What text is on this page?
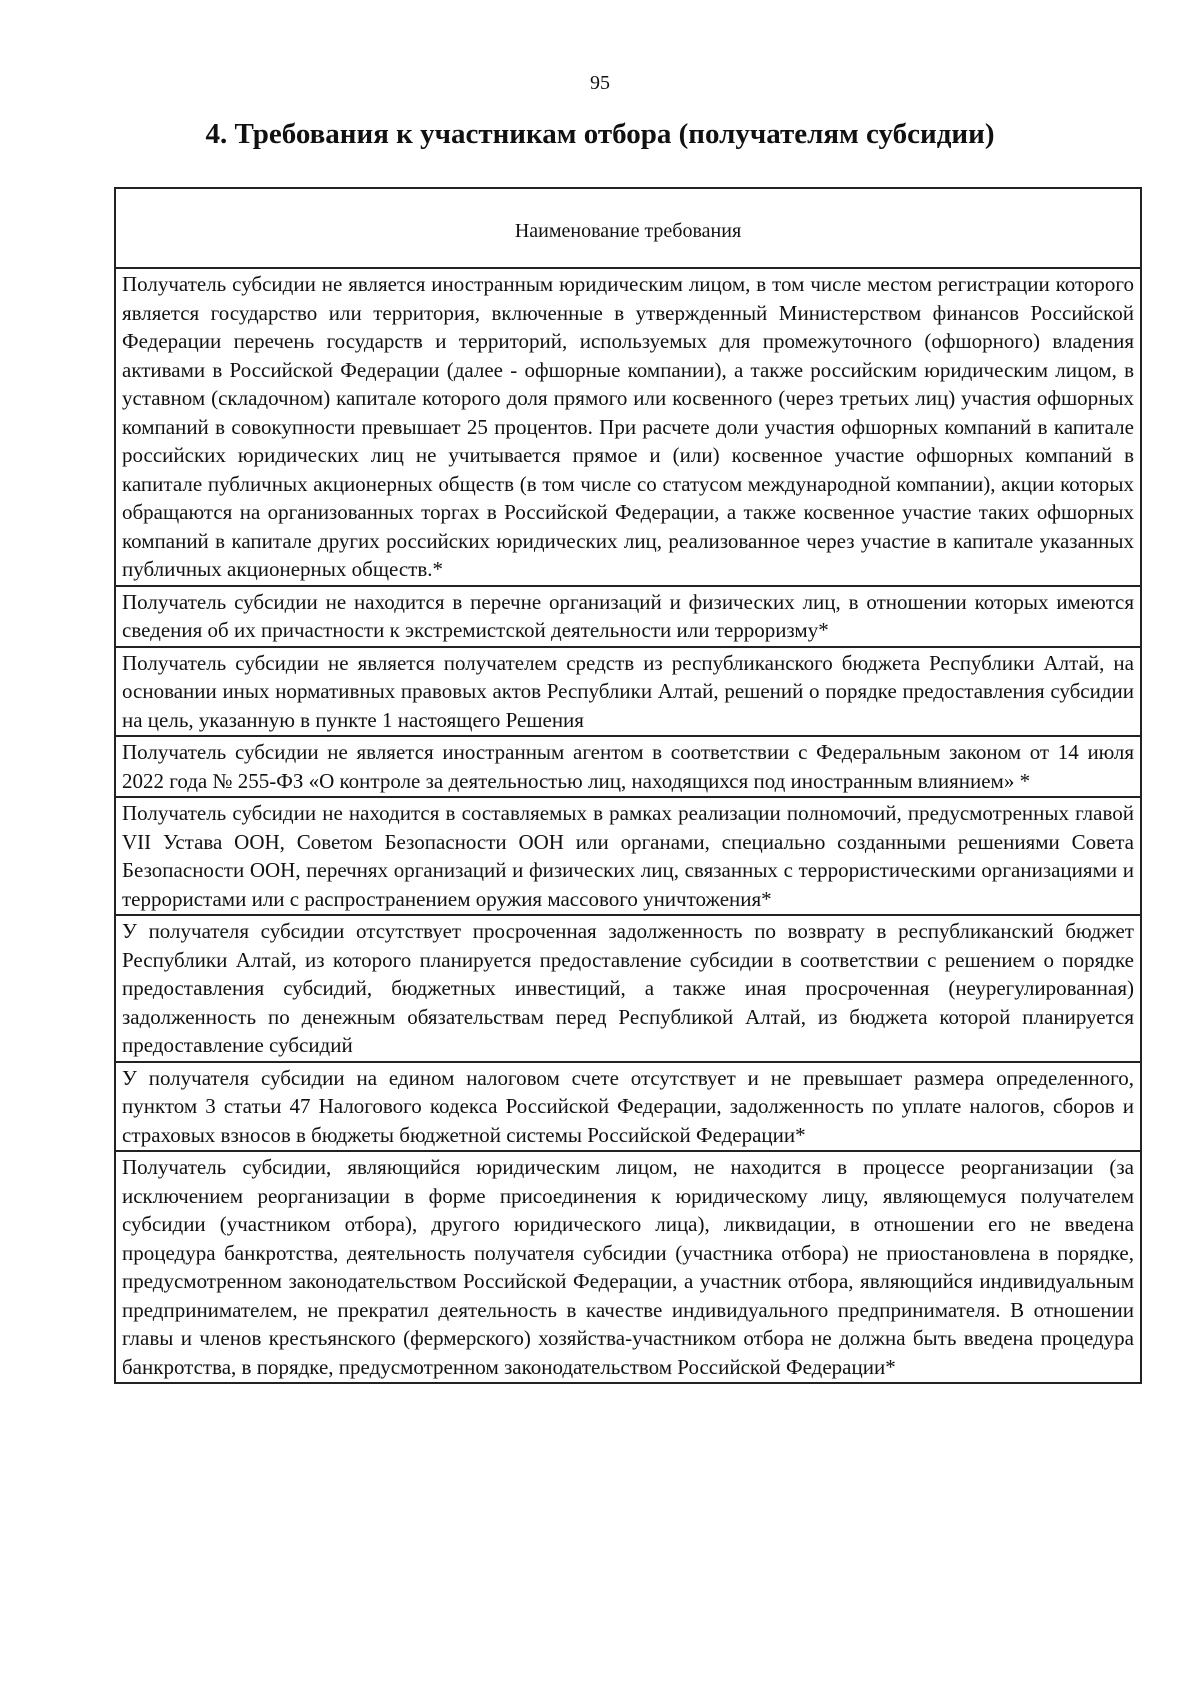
95
4. Требования к участникам отбора (получателям субсидии)
Наименование требования
Получатель субсидии не является иностранным юридическим лицом, в том числе местом регистрации которого является государство или территория, включенные в утвержденный Министерством финансов Российской Федерации перечень государств и территорий, используемых для промежуточного (офшорного) владения активами в Российской Федерации (далее - офшорные компании), а также российским юридическим лицом, в уставном (складочном) капитале которого доля прямого или косвенного (через третьих лиц) участия офшорных компаний в совокупности превышает 25 процентов. При расчете доли участия офшорных компаний в капитале российских юридических лиц не учитывается прямое и (или) косвенное участие офшорных компаний в капитале публичных акционерных обществ (в том числе со статусом международной компании), акции которых обращаются на организованных торгах в Российской Федерации, а также косвенное участие таких офшорных компаний в капитале других российских юридических лиц, реализованное через участие в капитале указанных публичных акционерных обществ.*
Получатель субсидии не находится в перечне организаций и физических лиц, в отношении которых имеются сведения об их причастности к экстремистской деятельности или терроризму*
Получатель субсидии не является получателем средств из республиканского бюджета Республики Алтай, на основании иных нормативных правовых актов Республики Алтай, решений о порядке предоставления субсидии на цель, указанную в пункте 1 настоящего Решения
Получатель субсидии не является иностранным агентом в соответствии с Федеральным законом от 14 июля 2022 года № 255-ФЗ «О контроле за деятельностью лиц, находящихся под иностранным влиянием» *
Получатель субсидии не находится в составляемых в рамках реализации полномочий, предусмотренных главой VII Устава ООН, Советом Безопасности ООН или органами, специально созданными решениями Совета Безопасности ООН, перечнях организаций и физических лиц, связанных с террористическими организациями и террористами или с распространением оружия массового уничтожения*
У получателя субсидии отсутствует просроченная задолженность по возврату в республиканский бюджет Республики Алтай, из которого планируется предоставление субсидии в соответствии с решением о порядке предоставления субсидий, бюджетных инвестиций, а также иная просроченная (неурегулированная) задолженность по денежным обязательствам перед Республикой Алтай, из бюджета которой планируется предоставление субсидий
У получателя субсидии на едином налоговом счете отсутствует и не превышает размера определенного, пунктом 3 статьи 47 Налогового кодекса Российской Федерации, задолженность по уплате налогов, сборов и страховых взносов в бюджеты бюджетной системы Российской Федерации*
Получатель субсидии, являющийся юридическим лицом, не находится в процессе реорганизации (за исключением реорганизации в форме присоединения к юридическому лицу, являющемуся получателем субсидии (участником отбора), другого юридического лица), ликвидации, в отношении его не введена процедура банкротства, деятельность получателя субсидии (участника отбора) не приостановлена в порядке, предусмотренном законодательством Российской Федерации, а участник отбора, являющийся индивидуальным предпринимателем, не прекратил деятельность в качестве индивидуального предпринимателя. В отношении главы и членов крестьянского (фермерского) хозяйства-участником отбора не должна быть введена процедура банкротства, в порядке, предусмотренном законодательством Российской Федерации*
